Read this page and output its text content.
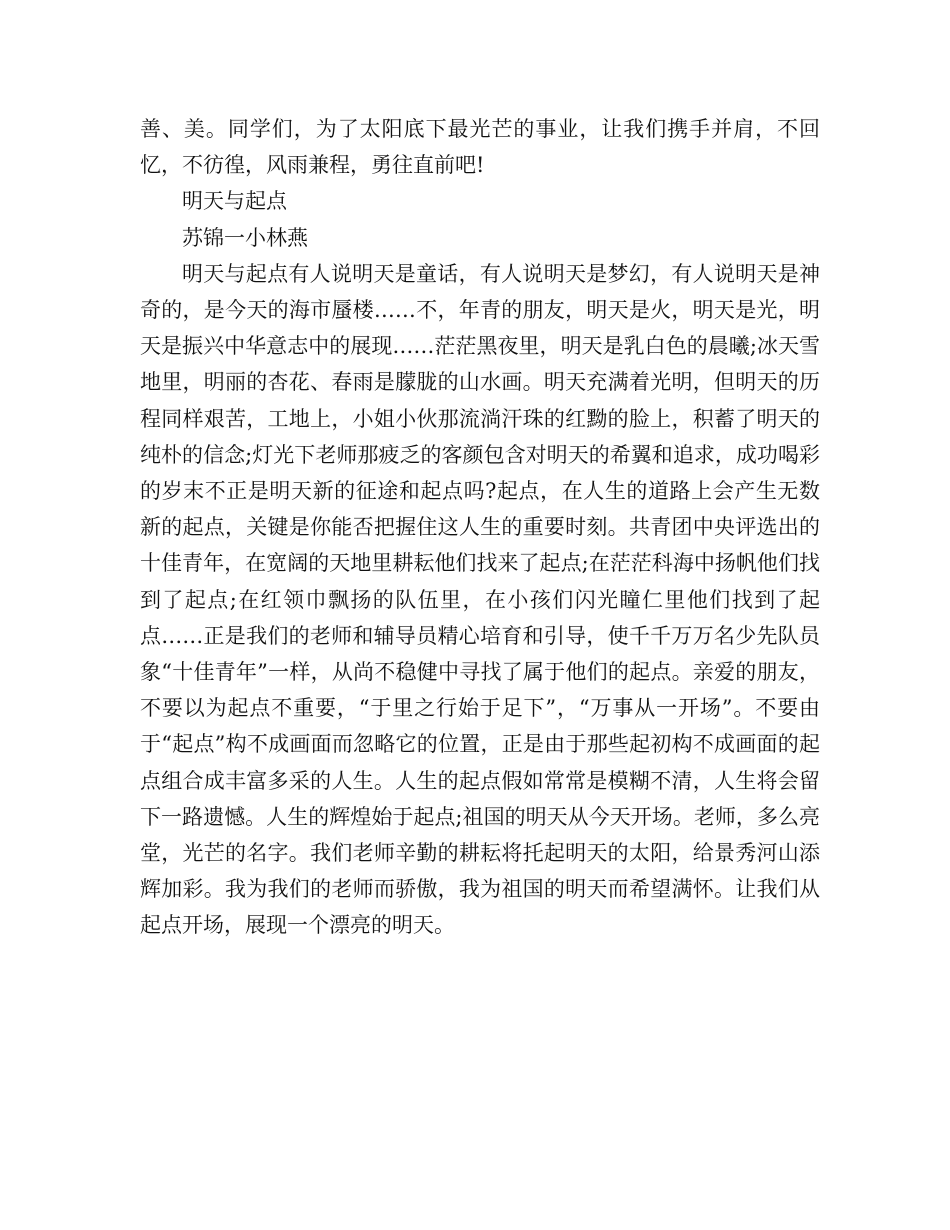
善、美。同学们，为了太阳底下最光芒的事业，让我们携手并肩，不回忆，不彷徨，风雨兼程，勇往直前吧!

明天与起点

苏锦一小林燕

明天与起点有人说明天是童话，有人说明天是梦幻，有人说明天是神奇的，是今天的海市蜃楼……不，年青的朋友，明天是火，明天是光，明天是振兴中华意志中的展现……茫茫黑夜里，明天是乳白色的晨曦;冰天雪地里，明丽的杏花、春雨是朦胧的山水画。明天充满着光明，但明天的历程同样艰苦，工地上，小姐小伙那流淌汗珠的红黝的脸上，积蓄了明天的纯朴的信念;灯光下老师那疲乏的客颜包含对明天的希翼和追求，成功喝彩的岁末不正是明天新的征途和起点吗?起点，在人生的道路上会产生无数新的起点，关键是你能否把握住这人生的重要时刻。共青团中央评选出的十佳青年，在宽阔的天地里耕耘他们找来了起点;在茫茫科海中扬帆他们找到了起点;在红领巾飘扬的队伍里，在小孩们闪光瞳仁里他们找到了起点……正是我们的老师和辅导员精心培育和引导，使千千万万名少先队员象“十佳青年”一样，从尚不稳健中寻找了属于他们的起点。亲爱的朋友，不要以为起点不重要，“于里之行始于足下”，“万事从一开场”。不要由于“起点”构不成画面而忽略它的位置，正是由于那些起初构不成画面的起点组合成丰富多采的人生。人生的起点假如常常是模糊不清，人生将会留下一路遗憾。人生的辉煌始于起点;祖国的明天从今天开场。老师，多么亮堂，光芒的名字。我们老师辛勤的耕耘将托起明天的太阳，给景秀河山添辉加彩。我为我们的老师而骄傲，我为祖国的明天而希望满怀。让我们从起点开场，展现一个漂亮的明天。
